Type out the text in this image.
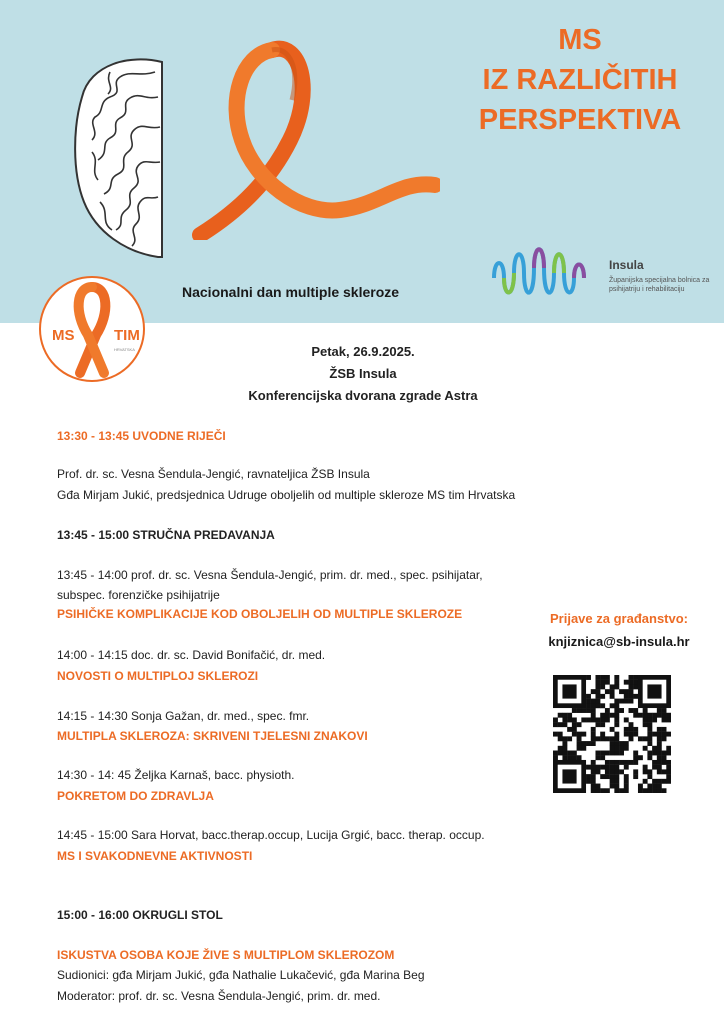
MS
IZ RAZLIČITIH
PERSPEKTIVA
Nacionalni dan multiple skleroze
Insula
Županijska specijalna bolnica za psihijatriju i rehabilitaciju
MS	TIM
HRVATSKA	Petak, 26.9.2025.
ŽSB Insula
Konferencijska dvorana zgrade Astra
13:30 - 13:45 UVODNE RIJEČI
Prof. dr. sc. Vesna Šendula-Jengić, ravnateljica ŽSB Insula
Gđa Mirjam Jukić, predsjednica Udruge oboljelih od multiple skleroze MS tim Hrvatska
13:45 - 15:00 STRUČNA PREDAVANJA
13:45 - 14:00 prof. dr. sc. Vesna Šendula-Jengić, prim. dr. med., spec. psihijatar,
subspec. forenzičke psihijatrije
PSIHIČKE KOMPLIKACIJE KOD OBOLJELIH OD MULTIPLE SKLEROZE
14:00 - 14:15 doc. dr. sc. David Bonifačić, dr. med.
NOVOSTI O MULTIPLOJ SKLEROZI
14:15 - 14:30 Sonja Gažan, dr. med., spec. fmr.
MULTIPLA SKLEROZA: SKRIVENI TJELESNI ZNAKOVI
14:30 - 14: 45 Željka Karnaš, bacc. physioth.
POKRETOM DO ZDRAVLJA
14:45 - 15:00 Sara Horvat, bacc.therap.occup, Lucija Grgić, bacc. therap. occup.
MS I SVAKODNEVNE AKTIVNOSTI
15:00 - 16:00 OKRUGLI STOL
ISKUSTVA OSOBA KOJE ŽIVE S MULTIPLOM SKLEROZOM
Sudionici: gđa Mirjam Jukić, gđa Nathalie Lukačević, gđa Marina Beg
Moderator: prof. dr. sc. Vesna Šendula-Jengić, prim. dr. med.
Prijave za građanstvo:
knjiznica@sb-insula.hr
